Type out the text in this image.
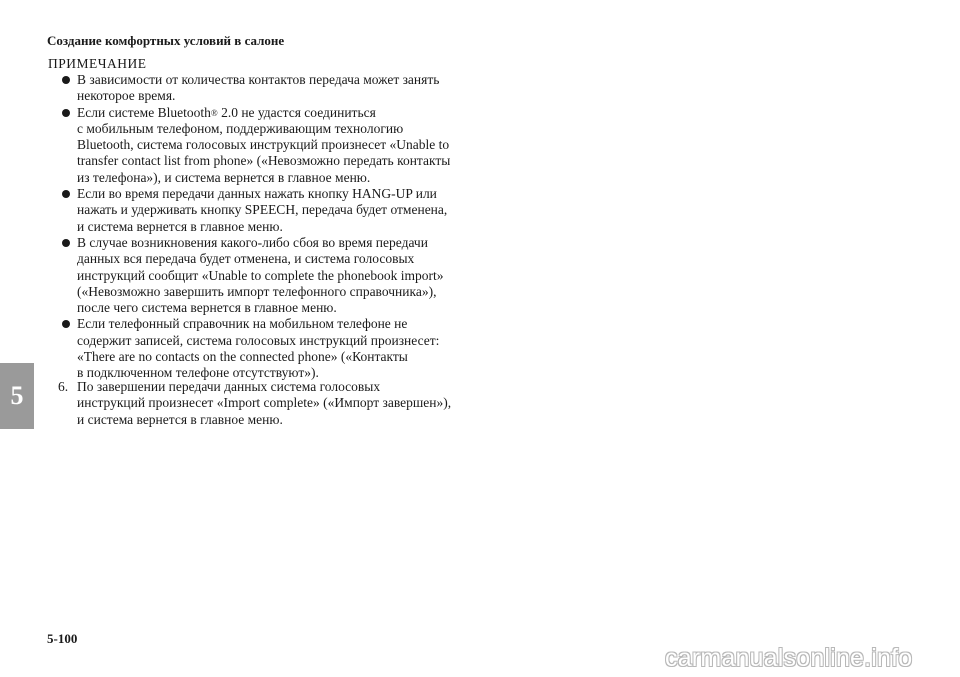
Создание комфортных условий в салоне
5
ПРИМЕЧАНИЕ
В зависимости от количества контактов передача может занять
некоторое время.
Если системе Bluetooth® 2.0 не удастся соединиться
с мобильным телефоном, поддерживающим технологию
Bluetooth, система голосовых инструкций произнесет «Unable to
transfer contact list from phone» («Невозможно передать контакты
из телефона»), и система вернется в главное меню.
Если во время передачи данных нажать кнопку HANG-UP или
нажать и удерживать кнопку SPEECH, передача будет отменена,
и система вернется в главное меню.
В случае возникновения какого-либо сбоя во время передачи
данных вся передача будет отменена, и система голосовых
инструкций сообщит «Unable to complete the phonebook import»
(«Невозможно завершить импорт телефонного справочника»),
после чего система вернется в главное меню.
Если телефонный справочник на мобильном телефоне не
содержит записей, система голосовых инструкций произнесет:
«There are no contacts on the connected phone» («Контакты
в подключенном телефоне отсутствуют»).
6. По завершении передачи данных система голосовых
инструкций произнесет «Import complete» («Импорт завершен»),
и система вернется в главное меню.
5-100
carmanualsonline.info
